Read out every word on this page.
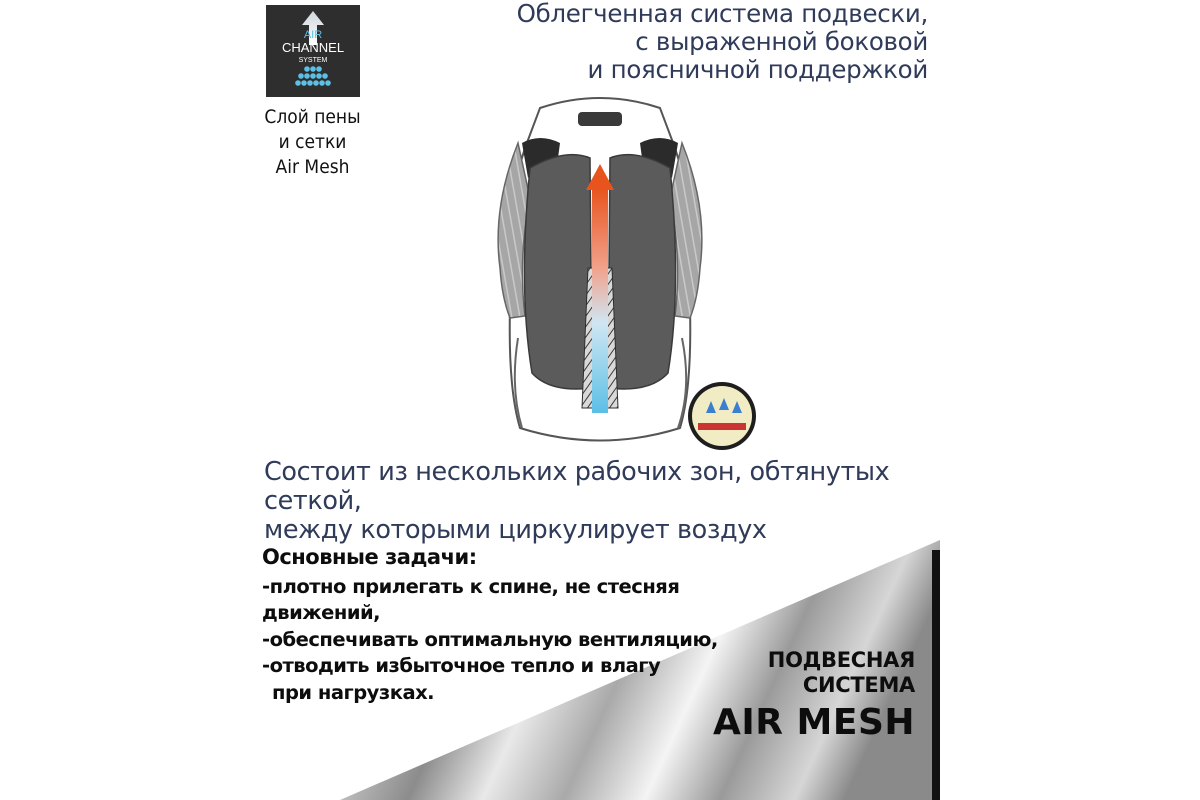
AIR
CHANNEL
SYSTEM
Слой пены
и сетки
Air Mesh
Облегченная система подвески,
с выраженной боковой
и поясничной поддержкой
Состоит из нескольких рабочих зон, обтянутых сеткой,
между которыми циркулирует воздух
Основные задачи:
-плотно прилегать к спине, не стесняя движений,
-обеспечивать оптимальную вентиляцию,
-отводить избыточное тепло и влагу
при нагрузках.
ПОДВЕСНАЯ
СИСТЕМА
AIR MESH
